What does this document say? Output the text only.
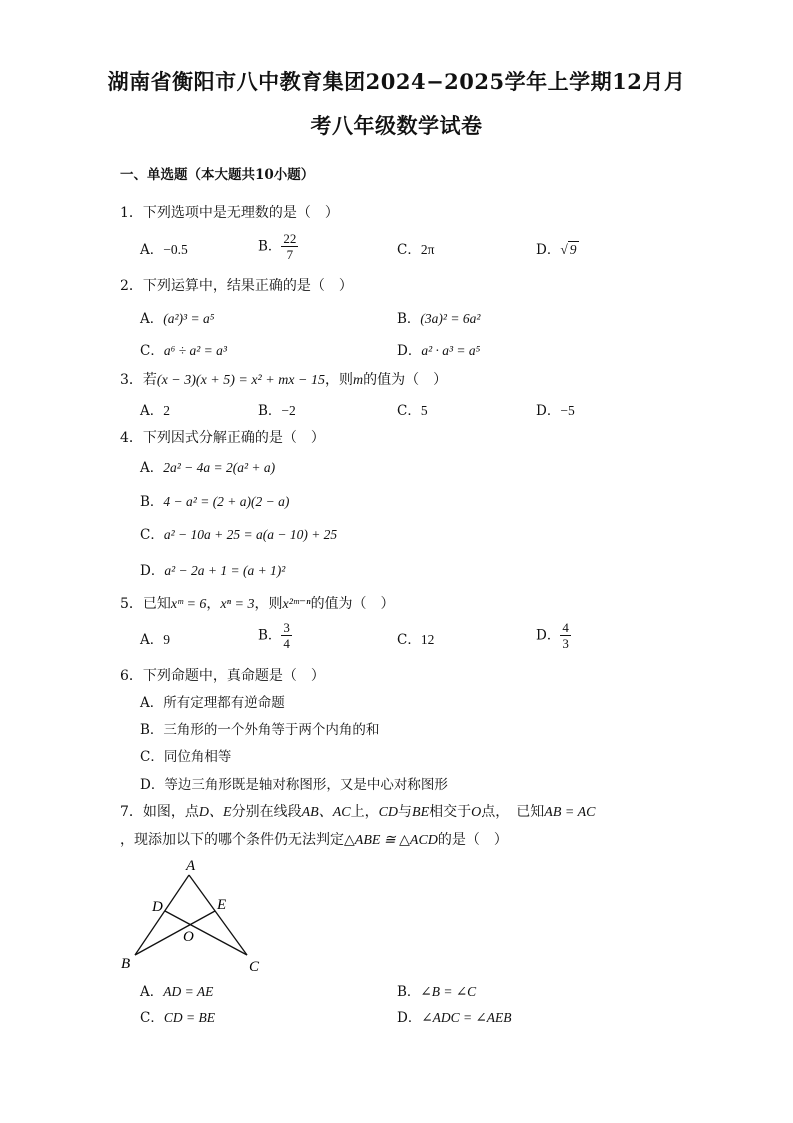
湖南省衡阳市八中教育集团2024−2025学年上学期12月月
考八年级数学试卷
一、单选题（本大题共10小题）
1．下列选项中是无理数的是（　）
A．−0.5	B． $\frac{22}{7}$	C．2π	D．√ 9
2．下列运算中，结果正确的是（　）
A．(a²)³ = a⁵	B．(3a)² = 6a²
C．a⁶ ÷ a² = a³	D．a² · a³ = a⁵
3．若(x − 3)(x + 5) = x² + mx − 15，则m的值为（　）
A．2	B．−2	C．5	D．−5
4．下列因式分解正确的是（　）
A．2a² − 4a = 2(a² + a)
B．4 − a² = (2 + a)(2 − a)
C．a² − 10a + 25 = a(a − 10) + 25
D．a² − 2a + 1 = (a + 1)²
5．已知xᵐ = 6，xⁿ = 3，则x²ᵐ⁻ⁿ的值为（　）
A．9	B． $\frac{3}{4}$	C．12	D． $\frac{4}{3}$
6．下列命题中，真命题是（　）
A．所有定理都有逆命题
B．三角形的一个外角等于两个内角的和
C．同位角相等
D．等边三角形既是轴对称图形，又是中心对称图形
7．如图，点D、E分别在线段AB、AC上，CD与BE相交于O点，　已知AB = AC
，现添加以下的哪个条件仍无法判定△ABE ≅ △ACD的是（　）
A
D	E
O
B	C
A．AD = AE	B．∠B = ∠C
C．CD = BE	D．∠ADC = ∠AEB
